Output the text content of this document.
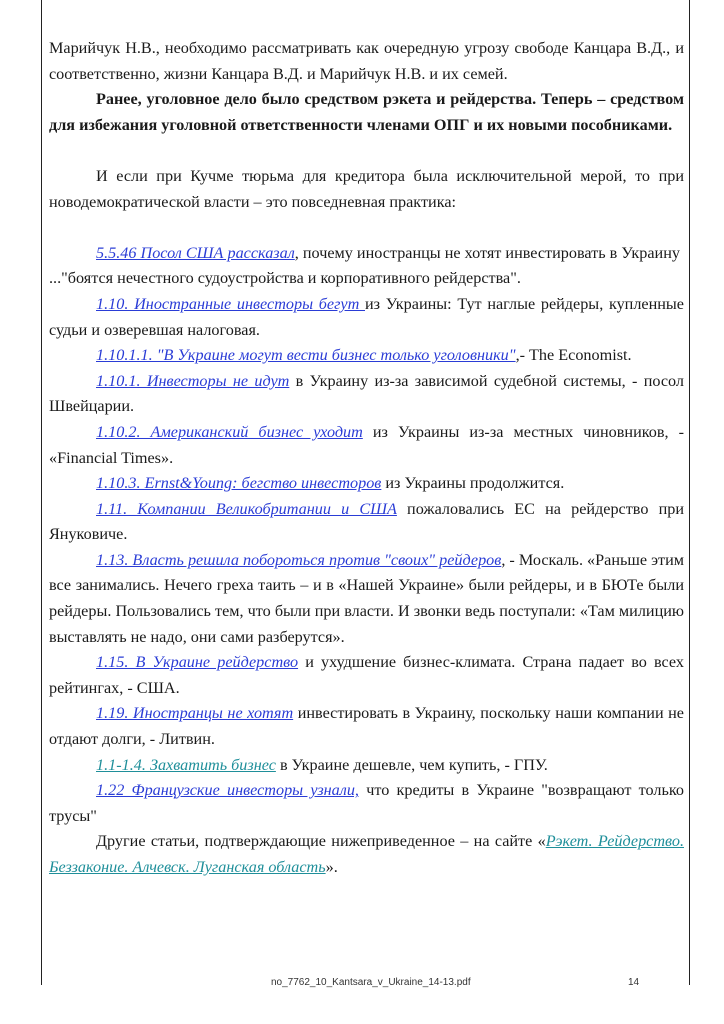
Марийчук Н.В., необходимо рассматривать как очередную угрозу свободе Канцара В.Д., и соответственно, жизни Канцара В.Д. и Марийчук Н.В. и их семей.

Ранее, уголовное дело было средством рэкета и рейдерства. Теперь – средством для избежания уголовной ответственности членами ОПГ и их новыми пособниками.

И если при Кучме тюрьма для кредитора была исключительной мерой, то при новодемократической власти – это повседневная практика:

5.5.46 Посол США рассказал, почему иностранцы не хотят инвестировать в Украину

..."боятся нечестного судоустройства и корпоративного рейдерства".

1.10. Иностранные инвесторы бегут из Украины: Тут наглые рейдеры, купленные судьи и озверевшая налоговая.

1.10.1.1. "В Украине могут вести бизнес только уголовники",- The Economist.

1.10.1. Инвесторы не идут в Украину из-за зависимой судебной системы, - посол Швейцарии.

1.10.2. Американский бизнес уходит из Украины из-за местных чиновников, - «Financial Times».

1.10.3. Ernst&Young: бегство инвесторов из Украины продолжится.

1.11. Компании Великобритании и США пожаловались ЕС на рейдерство при Януковиче.

1.13. Власть решила побороться против "своих" рейдеров, - Москаль. «Раньше этим все занимались. Нечего греха таить – и в «Нашей Украине» были рейдеры, и в БЮТе были рейдеры. Пользовались тем, что были при власти. И звонки ведь поступали: «Там милицию выставлять не надо, они сами разберутся».

1.15. В Украине рейдерство и ухудшение бизнес-климата. Страна падает во всех рейтингах, - США.

1.19. Иностранцы не хотят инвестировать в Украину, поскольку наши компании не отдают долги, - Литвин.

1.1-1.4. Захватить бизнес в Украине дешевле, чем купить, - ГПУ.

1.22 Французские инвесторы узнали, что кредиты в Украине "возвращают только трусы"

Другие статьи, подтверждающие нижеприведенное – на сайте «Рэкет. Рейдерство. Беззаконие. Алчевск. Луганская область».

no_7762_10_Kantsara_v_Ukraine_14-13.pdf	14
